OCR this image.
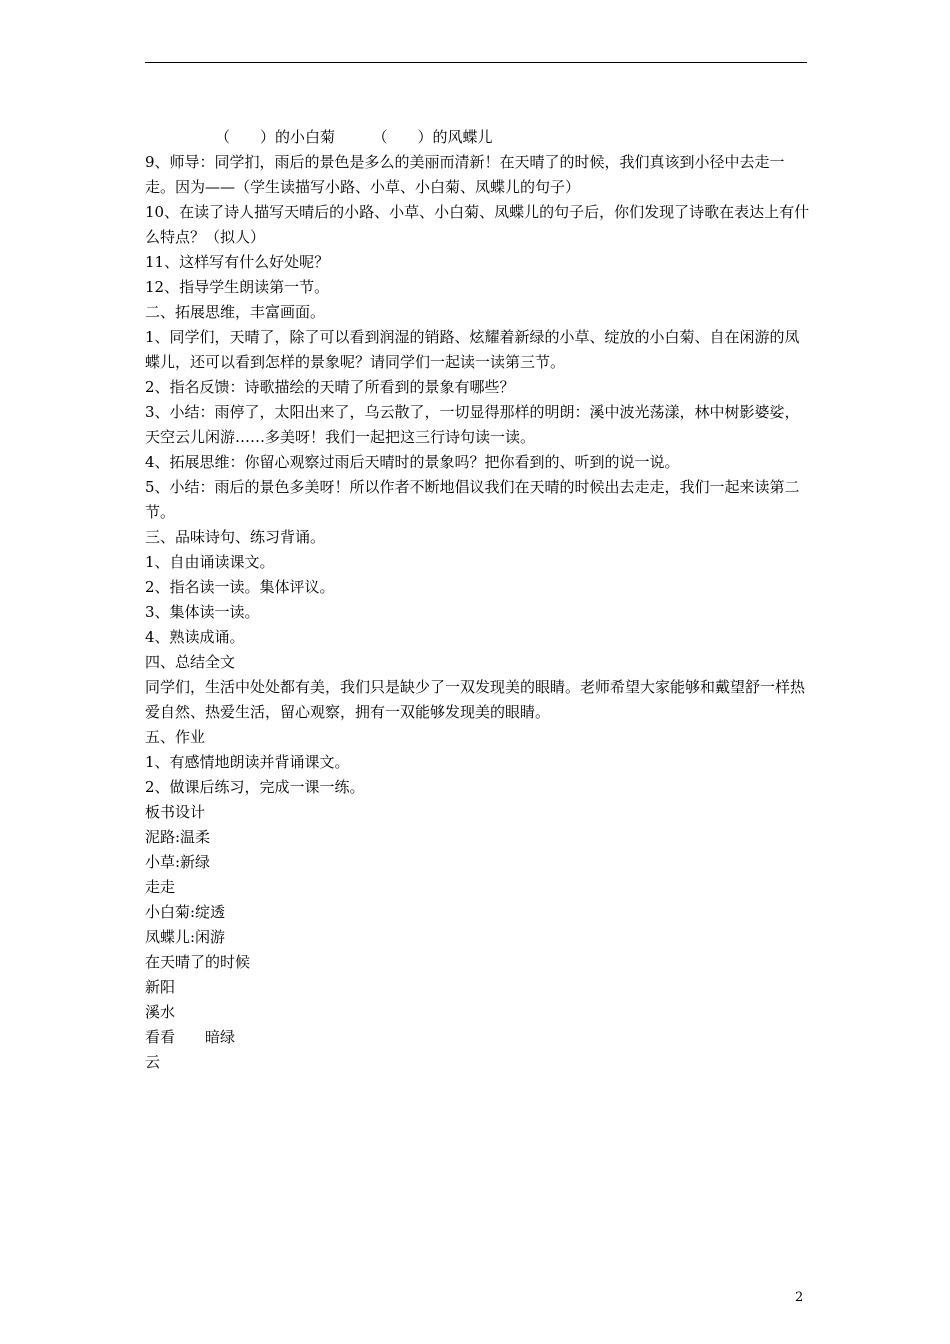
（　　）的小白菊　　　（　　）的风蝶儿

9、师导：同学扪，雨后的景色是多么的美丽而清新！在天晴了的时候，我们真该到小径中去走一走。因为——（学生读描写小路、小草、小白菊、凤蝶儿的句子）

10、在读了诗人描写天晴后的小路、小草、小白菊、凤蝶儿的句子后，你们发现了诗歌在表达上有什么特点？（拟人）

11、这样写有什么好处呢？

12、指导学生朗读第一节。

二、拓展思维，丰富画面。

1、同学们，天晴了，除了可以看到润湿的销路、炫耀着新绿的小草、绽放的小白菊、自在闲游的凤蝶儿，还可以看到怎样的景象呢？请同学们一起读一读第三节。

2、指名反馈：诗歌描绘的天晴了所看到的景象有哪些？

3、小结：雨停了，太阳出来了，乌云散了，一切显得那样的明朗：溪中波光荡漾，林中树影婆娑，天空云儿闲游……多美呀！我们一起把这三行诗句读一读。

4、拓展思维：你留心观察过雨后天晴时的景象吗？把你看到的、听到的说一说。

5、小结：雨后的景色多美呀！所以作者不断地倡议我们在天晴的时候出去走走，我们一起来读第二节。

三、品味诗句、练习背诵。

1、自由诵读课文。

2、指名读一读。集体评议。

3、集体读一读。

4、熟读成诵。

四、总结全文

同学们，生活中处处都有美，我们只是缺少了一双发现美的眼睛。老师希望大家能够和戴望舒一样热爱自然、热爱生活，留心观察，拥有一双能够发现美的眼睛。

五、作业

1、有感情地朗读并背诵课文。

2、做课后练习，完成一课一练。

板书设计

泥路:温柔

小草:新绿

走走

小白菊:绽透

凤蝶儿:闲游

在天晴了的时候

新阳

溪水

看看　　暗绿

云

2
